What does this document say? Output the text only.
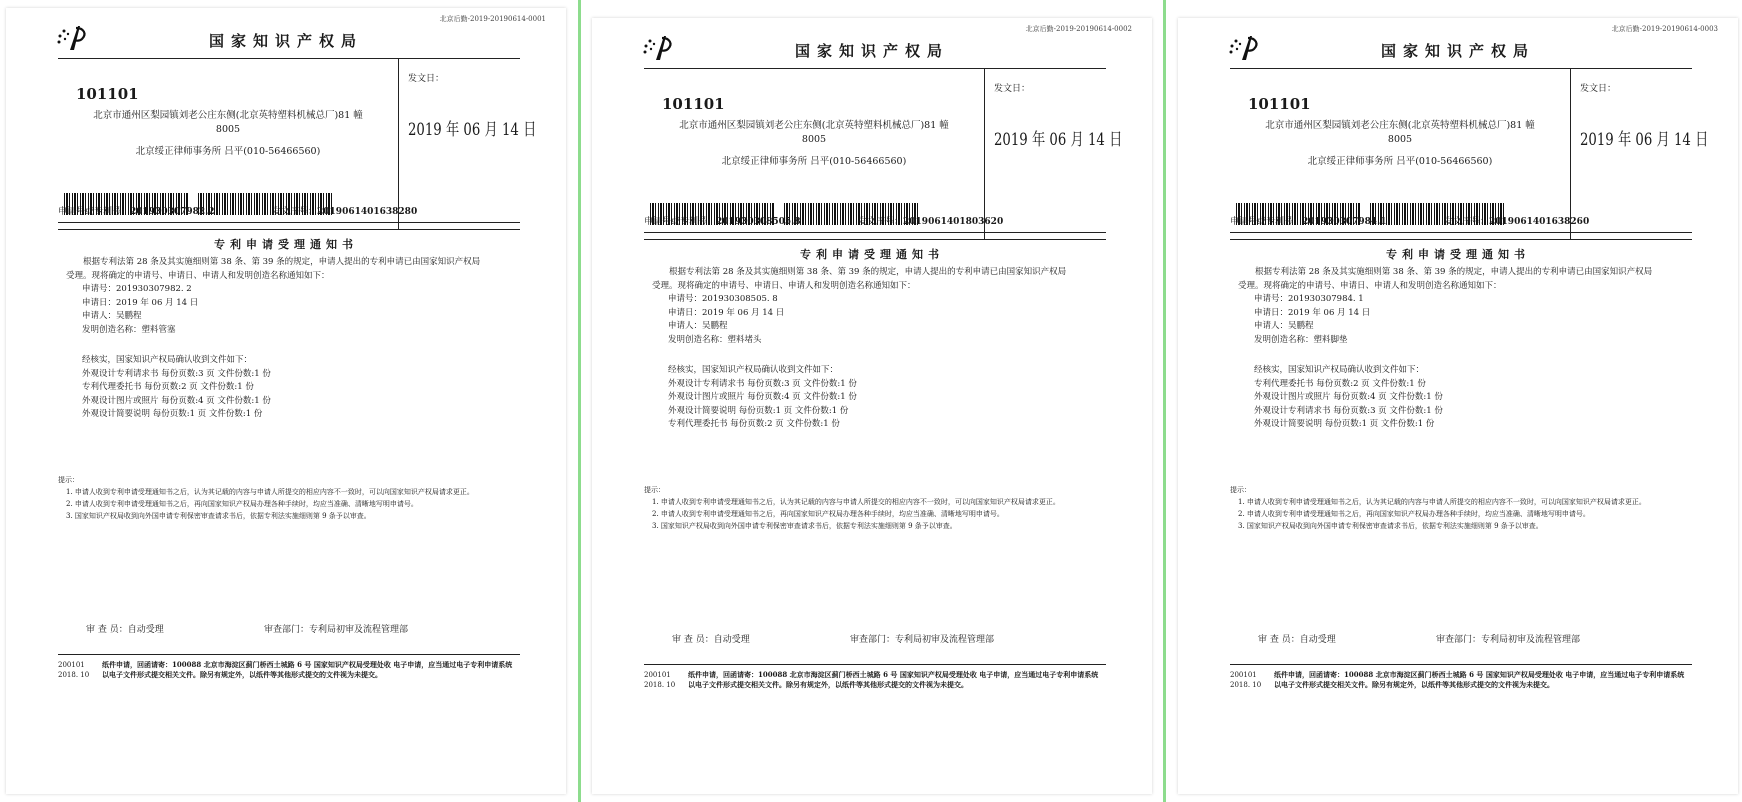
北京后勤-2019-20190614-0001
国家知识产权局
101101
北京市通州区梨园镇刘老公庄东侧(北京英特塑料机械总厂)81 幢
8005
北京绥正律师事务所 吕平(010-56466560)
发文日：
2019 年 06 月 14 日
申请号或专利号：201930307982.2	发文序号：2019061401638280
专利申请受理通知书
根据专利法第 28 条及其实施细则第 38 条、第 39 条的规定，申请人提出的专利申请已由国家知识产权局受理。现将确定的申请号、申请日、申请人和发明创造名称通知如下：
申请号：201930307982. 2
申请日：2019 年 06 月 14 日
申请人：吴鹏程
发明创造名称：塑料管塞
经核实，国家知识产权局确认收到文件如下：
外观设计专利请求书 每份页数:3 页 文件份数:1 份
专利代理委托书 每份页数:2 页 文件份数:1 份
外观设计图片或照片 每份页数:4 页 文件份数:1 份
外观设计简要说明 每份页数:1 页 文件份数:1 份
提示：
1. 申请人收到专利申请受理通知书之后，认为其记载的内容与申请人所提交的相应内容不一致时，可以向国家知识产权局请求更正。
2. 申请人收到专利申请受理通知书之后，再向国家知识产权局办理各种手续时，均应当准确、清晰地写明申请号。
3. 国家知识产权局收到向外国申请专利保密审查请求书后，依据专利法实施细则第 9 条予以审查。
审 查 员：自动受理	审查部门：专利局初审及流程管理部
200101
2018. 10
纸件申请，回函请寄：100088 北京市海淀区蓟门桥西土城路 6 号 国家知识产权局受理处收 电子申请，应当通过电子专利申请系统以电子文件形式提交相关文件。除另有规定外，以纸件等其他形式提交的文件视为未提交。
北京后勤-2019-20190614-0002
国家知识产权局
101101
北京市通州区梨园镇刘老公庄东侧(北京英特塑料机械总厂)81 幢
8005
北京绥正律师事务所 吕平(010-56466560)
发文日：
2019 年 06 月 14 日
申请号或专利号：201930308505.8	发文序号：2019061401803620
专利申请受理通知书
根据专利法第 28 条及其实施细则第 38 条、第 39 条的规定，申请人提出的专利申请已由国家知识产权局受理。现将确定的申请号、申请日、申请人和发明创造名称通知如下：
申请号：201930308505. 8
申请日：2019 年 06 月 14 日
申请人：吴鹏程
发明创造名称：塑料堵头
经核实，国家知识产权局确认收到文件如下：
外观设计专利请求书 每份页数:3 页 文件份数:1 份
外观设计图片或照片 每份页数:4 页 文件份数:1 份
外观设计简要说明 每份页数:1 页 文件份数:1 份
专利代理委托书 每份页数:2 页 文件份数:1 份
提示：
1. 申请人收到专利申请受理通知书之后，认为其记载的内容与申请人所提交的相应内容不一致时，可以向国家知识产权局请求更正。
2. 申请人收到专利申请受理通知书之后，再向国家知识产权局办理各种手续时，均应当准确、清晰地写明申请号。
3. 国家知识产权局收到向外国申请专利保密审查请求书后，依据专利法实施细则第 9 条予以审查。
审 查 员：自动受理	审查部门：专利局初审及流程管理部
200101
2018. 10
纸件申请，回函请寄：100088 北京市海淀区蓟门桥西土城路 6 号 国家知识产权局受理处收 电子申请，应当通过电子专利申请系统以电子文件形式提交相关文件。除另有规定外，以纸件等其他形式提交的文件视为未提交。
北京后勤-2019-20190614-0003
国家知识产权局
101101
北京市通州区梨园镇刘老公庄东侧(北京英特塑料机械总厂)81 幢
8005
北京绥正律师事务所 吕平(010-56466560)
发文日：
2019 年 06 月 14 日
申请号或专利号：201930307984.1	发文序号：2019061401638260
专利申请受理通知书
根据专利法第 28 条及其实施细则第 38 条、第 39 条的规定，申请人提出的专利申请已由国家知识产权局受理。现将确定的申请号、申请日、申请人和发明创造名称通知如下：
申请号：201930307984. 1
申请日：2019 年 06 月 14 日
申请人：吴鹏程
发明创造名称：塑料脚垫
经核实，国家知识产权局确认收到文件如下：
专利代理委托书 每份页数:2 页 文件份数:1 份
外观设计图片或照片 每份页数:4 页 文件份数:1 份
外观设计专利请求书 每份页数:3 页 文件份数:1 份
外观设计简要说明 每份页数:1 页 文件份数:1 份
提示：
1. 申请人收到专利申请受理通知书之后，认为其记载的内容与申请人所提交的相应内容不一致时，可以向国家知识产权局请求更正。
2. 申请人收到专利申请受理通知书之后，再向国家知识产权局办理各种手续时，均应当准确、清晰地写明申请号。
3. 国家知识产权局收到向外国申请专利保密审查请求书后，依据专利法实施细则第 9 条予以审查。
审 查 员：自动受理	审查部门：专利局初审及流程管理部
200101
2018. 10
纸件申请，回函请寄：100088 北京市海淀区蓟门桥西土城路 6 号 国家知识产权局受理处收 电子申请，应当通过电子专利申请系统以电子文件形式提交相关文件。除另有规定外，以纸件等其他形式提交的文件视为未提交。
